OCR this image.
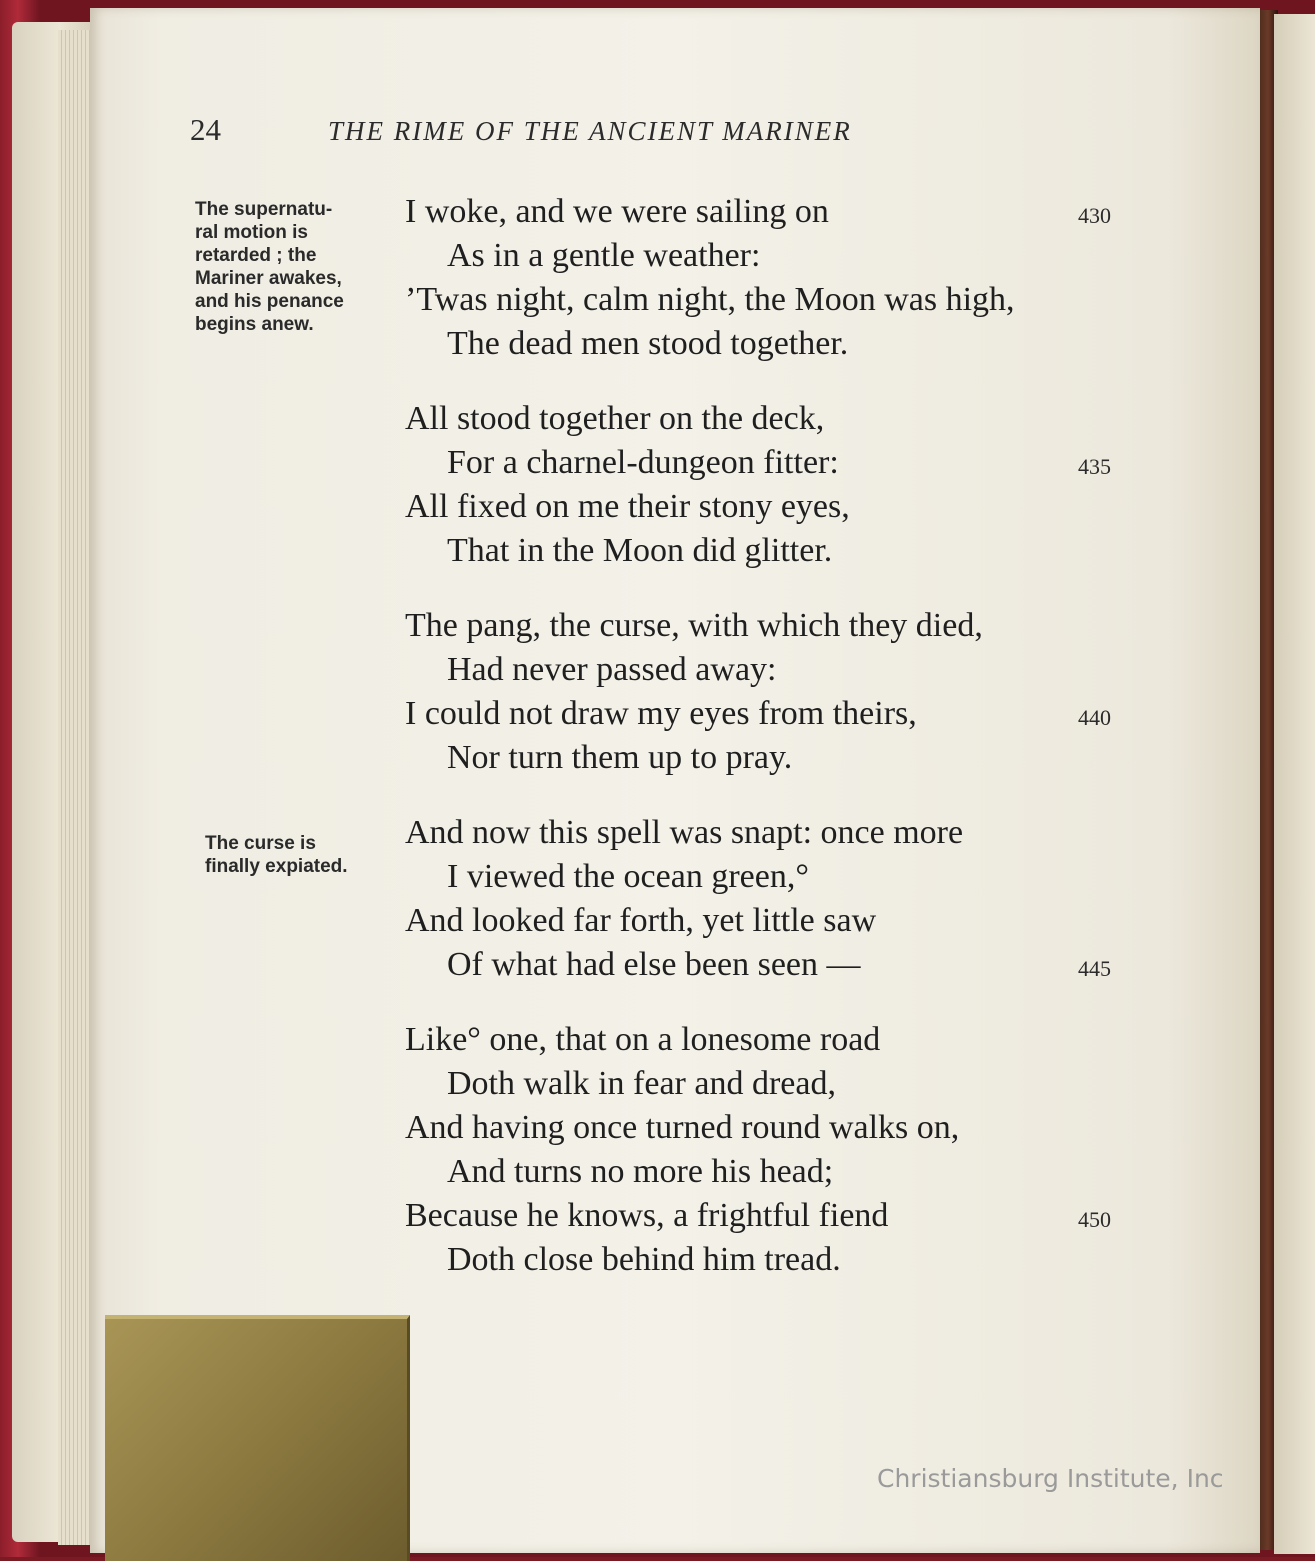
24	THE RIME OF THE ANCIENT MARINER
The supernatu-
ral motion is
retarded ; the
Mariner awakes,
and his penance
begins anew.
The curse is
finally expiated.
I woke, and we were sailing on	430
As in a gentle weather:
’Twas night, calm night, the Moon was high,
The dead men stood together.
All stood together on the deck,
For a charnel-dungeon fitter:	435
All fixed on me their stony eyes,
That in the Moon did glitter.
The pang, the curse, with which they died,
Had never passed away:
I could not draw my eyes from theirs,	440
Nor turn them up to pray.
And now this spell was snapt: once more
I viewed the ocean green,°
And looked far forth, yet little saw
Of what had else been seen —	445
Like° one, that on a lonesome road
Doth walk in fear and dread,
And having once turned round walks on,
And turns no more his head;
Because he knows, a frightful fiend	450
Doth close behind him tread.
Christiansburg Institute, Inc
